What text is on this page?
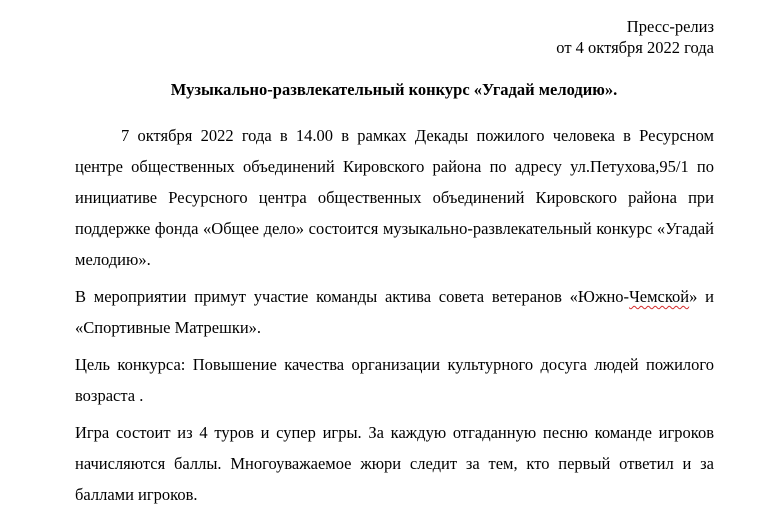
Пресс-релиз
от 4 октября 2022 года
Музыкально-развлекательный конкурс «Угадай мелодию».

7 октября 2022 года в 14.00 в рамках Декады пожилого человека в Ресурсном центре общественных объединений Кировского района по адресу ул.Петухова,95/1 по инициативе Ресурсного центра общественных объединений Кировского района при поддержке фонда «Общее дело» состоится музыкально-развлекательный конкурс «Угадай мелодию».

В мероприятии примут участие команды актива совета ветеранов «Южно-Чемской» и «Спортивные Матрешки».

Цель конкурса: Повышение качества организации культурного досуга людей пожилого возраста .

Игра состоит из 4 туров и супер игры. За каждую отгаданную песню команде игроков начисляются баллы. Многоуважаемое жюри следит за тем, кто первый ответил и за баллами игроков.
